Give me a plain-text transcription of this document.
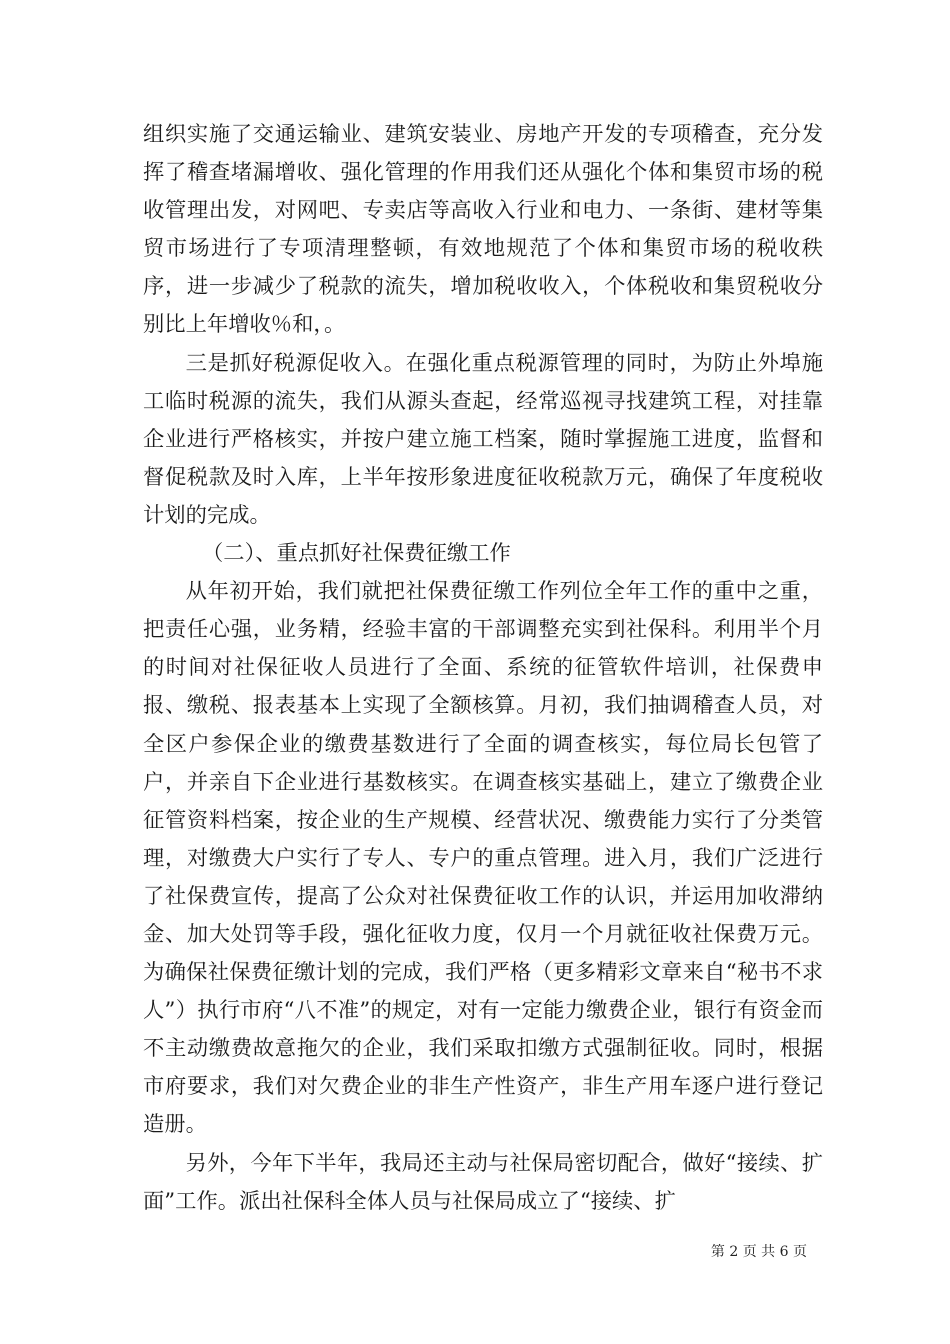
组织实施了交通运输业、建筑安装业、房地产开发的专项稽查，充分发挥了稽查堵漏增收、强化管理的作用我们还从强化个体和集贸市场的税收管理出发，对网吧、专卖店等高收入行业和电力、一条街、建材等集贸市场进行了专项清理整顿，有效地规范了个体和集贸市场的税收秩序，进一步减少了税款的流失，增加税收收入，个体税收和集贸税收分别比上年增收％和，。

三是抓好税源促收入。在强化重点税源管理的同时，为防止外埠施工临时税源的流失，我们从源头查起，经常巡视寻找建筑工程，对挂靠企业进行严格核实，并按户建立施工档案，随时掌握施工进度，监督和督促税款及时入库，上半年按形象进度征收税款万元，确保了年度税收计划的完成。

（二）、重点抓好社保费征缴工作

从年初开始，我们就把社保费征缴工作列位全年工作的重中之重，把责任心强，业务精，经验丰富的干部调整充实到社保科。利用半个月的时间对社保征收人员进行了全面、系统的征管软件培训，社保费申报、缴税、报表基本上实现了全额核算。月初，我们抽调稽查人员，对全区户参保企业的缴费基数进行了全面的调查核实，每位局长包管了户，并亲自下企业进行基数核实。在调查核实基础上，建立了缴费企业征管资料档案，按企业的生产规模、经营状况、缴费能力实行了分类管理，对缴费大户实行了专人、专户的重点管理。进入月，我们广泛进行了社保费宣传，提高了公众对社保费征收工作的认识，并运用加收滞纳金、加大处罚等手段，强化征收力度，仅月一个月就征收社保费万元。为确保社保费征缴计划的完成，我们严格（更多精彩文章来自“秘书不求人”）执行市府“八不准”的规定，对有一定能力缴费企业，银行有资金而不主动缴费故意拖欠的企业，我们采取扣缴方式强制征收。同时，根据市府要求，我们对欠费企业的非生产性资产，非生产用车逐户进行登记造册。

另外，今年下半年，我局还主动与社保局密切配合，做好“接续、扩面”工作。派出社保科全体人员与社保局成立了“接续、扩

第 2 页 共 6 页
